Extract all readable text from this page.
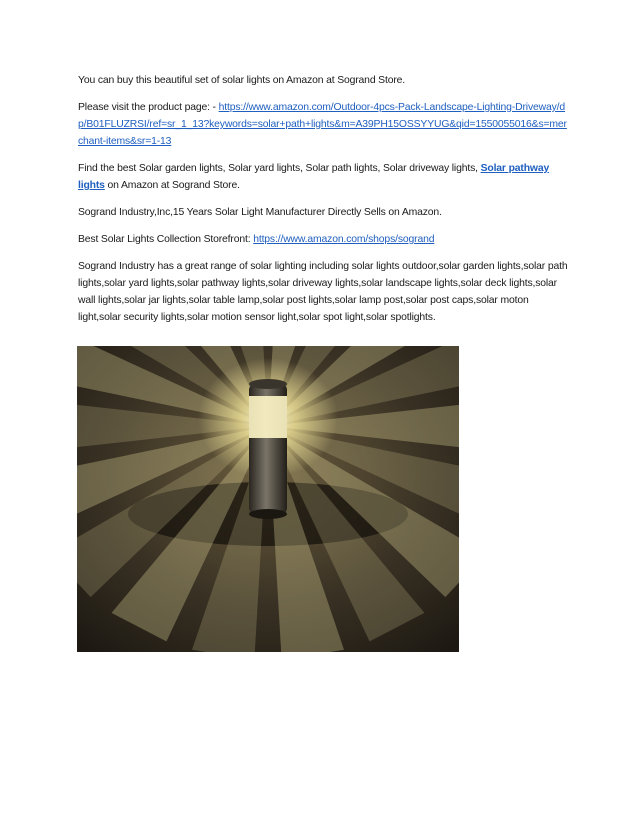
You can buy this beautiful set of solar lights on Amazon at Sogrand Store.

Please visit the product page: - https://www.amazon.com/Outdoor-4pcs-Pack-Landscape-Lighting-Driveway/dp/B01FLUZRSI/ref=sr_1_13?keywords=solar+path+lights&m=A39PH15OSSYYUG&qid=1550055016&s=merchant-items&sr=1-13

Find the best Solar garden lights, Solar yard lights, Solar path lights, Solar driveway lights, Solar pathway lights on Amazon at Sogrand Store.

Sogrand Industry,Inc,15 Years Solar Light Manufacturer Directly Sells on Amazon.

Best Solar Lights Collection Storefront: https://www.amazon.com/shops/sogrand

Sogrand Industry has a great range of solar lighting including solar lights outdoor,solar garden lights,solar path lights,solar yard lights,solar pathway lights,solar driveway lights,solar landscape lights,solar deck lights,solar wall lights,solar jar lights,solar table lamp,solar post lights,solar lamp post,solar post caps,solar moton light,solar security lights,solar motion sensor light,solar spot light,solar spotlights.
